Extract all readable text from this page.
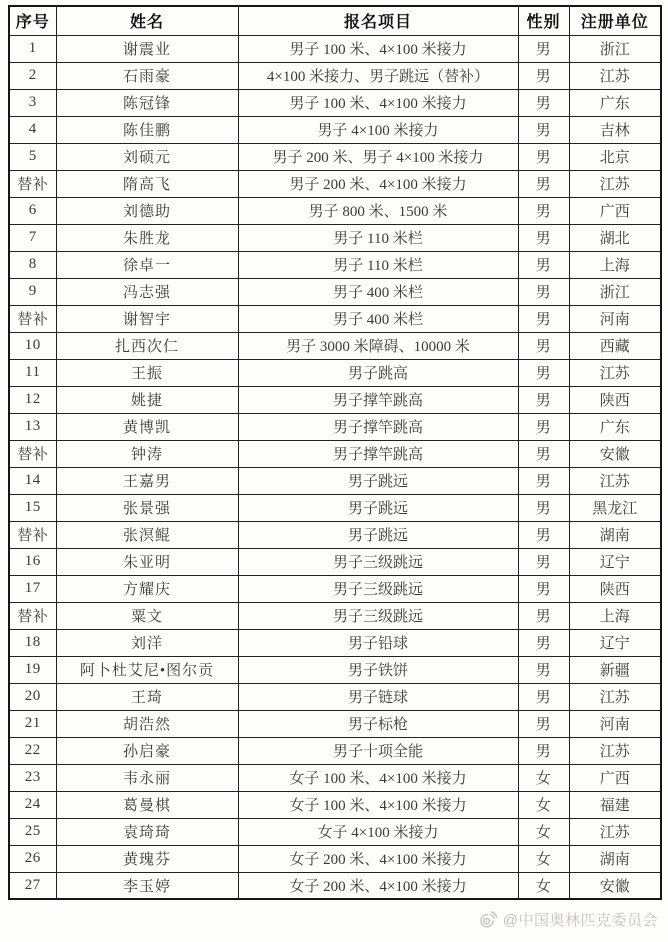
序号	姓名	报名项目	性别	注册单位
1	谢震业	男子 100 米、4×100 米接力	男	浙江
2	石雨豪	4×100 米接力、男子跳远（替补）	男	江苏
3	陈冠锋	男子 100 米、4×100 米接力	男	广东
4	陈佳鹏	男子 4×100 米接力	男	吉林
5	刘硕元	男子 200 米、男子 4×100 米接力	男	北京
替补	隋高飞	男子 200 米、4×100 米接力	男	江苏
6	刘德助	男子 800 米、1500 米	男	广西
7	朱胜龙	男子 110 米栏	男	湖北
8	徐卓一	男子 110 米栏	男	上海
9	冯志强	男子 400 米栏	男	浙江
替补	谢智宇	男子 400 米栏	男	河南
10	扎西次仁	男子 3000 米障碍、10000 米	男	西藏
11	王振	男子跳高	男	江苏
12	姚捷	男子撑竿跳高	男	陕西
13	黄博凯	男子撑竿跳高	男	广东
替补	钟涛	男子撑竿跳高	男	安徽
14	王嘉男	男子跳远	男	江苏
15	张景强	男子跳远	男	黑龙江
替补	张溟鲲	男子跳远	男	湖南
16	朱亚明	男子三级跳远	男	辽宁
17	方耀庆	男子三级跳远	男	陕西
替补	粟文	男子三级跳远	男	上海
18	刘洋	男子铅球	男	辽宁
19	阿卜杜艾尼•图尔贡	男子铁饼	男	新疆
20	王琦	男子链球	男	江苏
21	胡浩然	男子标枪	男	河南
22	孙启豪	男子十项全能	男	江苏
23	韦永丽	女子 100 米、4×100 米接力	女	广西
24	葛曼棋	女子 100 米、4×100 米接力	女	福建
25	袁琦琦	女子 4×100 米接力	女	江苏
26	黄瑰芬	女子 200 米、4×100 米接力	女	湖南
27	李玉婷	女子 200 米、4×100 米接力	女	安徽
@中国奥林匹克委员会
